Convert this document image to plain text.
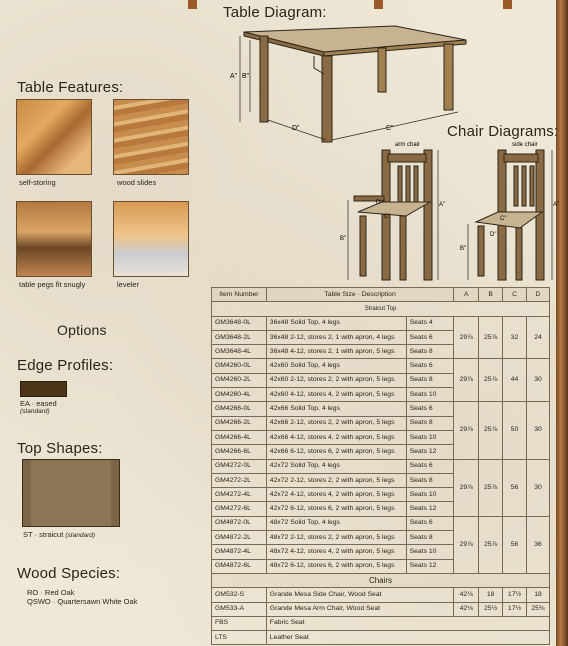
Table Diagram:
A" B"
D"	C"
Table Features:
self-storing	wood slides
table pegs fit snugly	leveler
Options
Edge Profiles:
EA · eased
(standard)
Top Shapes:
ST · straicut (standard)
Wood Species:
RO · Red Oak
QSWO · Quartersawn White Oak
Chair Diagrams:
arm chair
A"
B"
C"
D"
side chair
A"
B"
C"
D"
Item Number	Table Size · Description		A	B	C	D
Straicut Top						
GM3648-0L	36x48 Solid Top, 4 legs	Seats 4	29⅞	25⅞	32	24
GM3648-2L	36x48 2-12, stores 2, 1 with apron, 4 legs	Seats 6				
GM3648-4L	36x48 4-12, stores 2, 1 with apron, 5 legs	Seats 8				
GM4260-0L	42x60 Solid Top, 4 legs	Seats 6	29⅞	25⅞	44	30
GM4260-2L	42x60 2-12, stores 2, 2 with apron, 5 legs	Seats 8				
GM4260-4L	42x60 4-12, stores 4, 2 with apron, 5 legs	Seats 10				
GM4266-0L	42x66 Solid Top, 4 legs	Seats 6	29⅞	25⅞	50	30
GM4266-2L	42x66 2-12, stores 2, 2 with apron, 5 legs	Seats 8				
GM4266-4L	42x66 4-12, stores 4, 2 with apron, 5 legs	Seats 10				
GM4266-6L	42x66 6-12, stores 6, 2 with apron, 5 legs	Seats 12				
GM4272-0L	42x72 Solid Top, 4 legs	Seats 6	29⅞	25⅞	56	30
GM4272-2L	42x72 2-12, stores 2, 2 with apron, 5 legs	Seats 8				
GM4272-4L	42x72 4-12, stores 4, 2 with apron, 5 legs	Seats 10				
GM4272-6L	42x72 6-12, stores 6, 2 with apron, 5 legs	Seats 12				
GM4872-0L	48x72 Solid Top, 4 legs	Seats 6	29⅞	25⅞	56	36
GM4872-2L	48x72 2-12, stores 2, 2 with apron, 5 legs	Seats 8				
GM4872-4L	48x72 4-12, stores 4, 2 with apron, 5 legs	Seats 10				
GM4872-6L	48x72 6-12, stores 6, 2 with apron, 5 legs	Seats 12				
Chairs						
GM532-S	Grande Mesa Side Chair, Wood Seat		42⅛	18	17½	18
GM533-A	Grande Mesa Arm Chair, Wood Seat		42⅛	25½	17½	25⅜
FBS	Fabric Seat					
LTS	Leather Seat					
